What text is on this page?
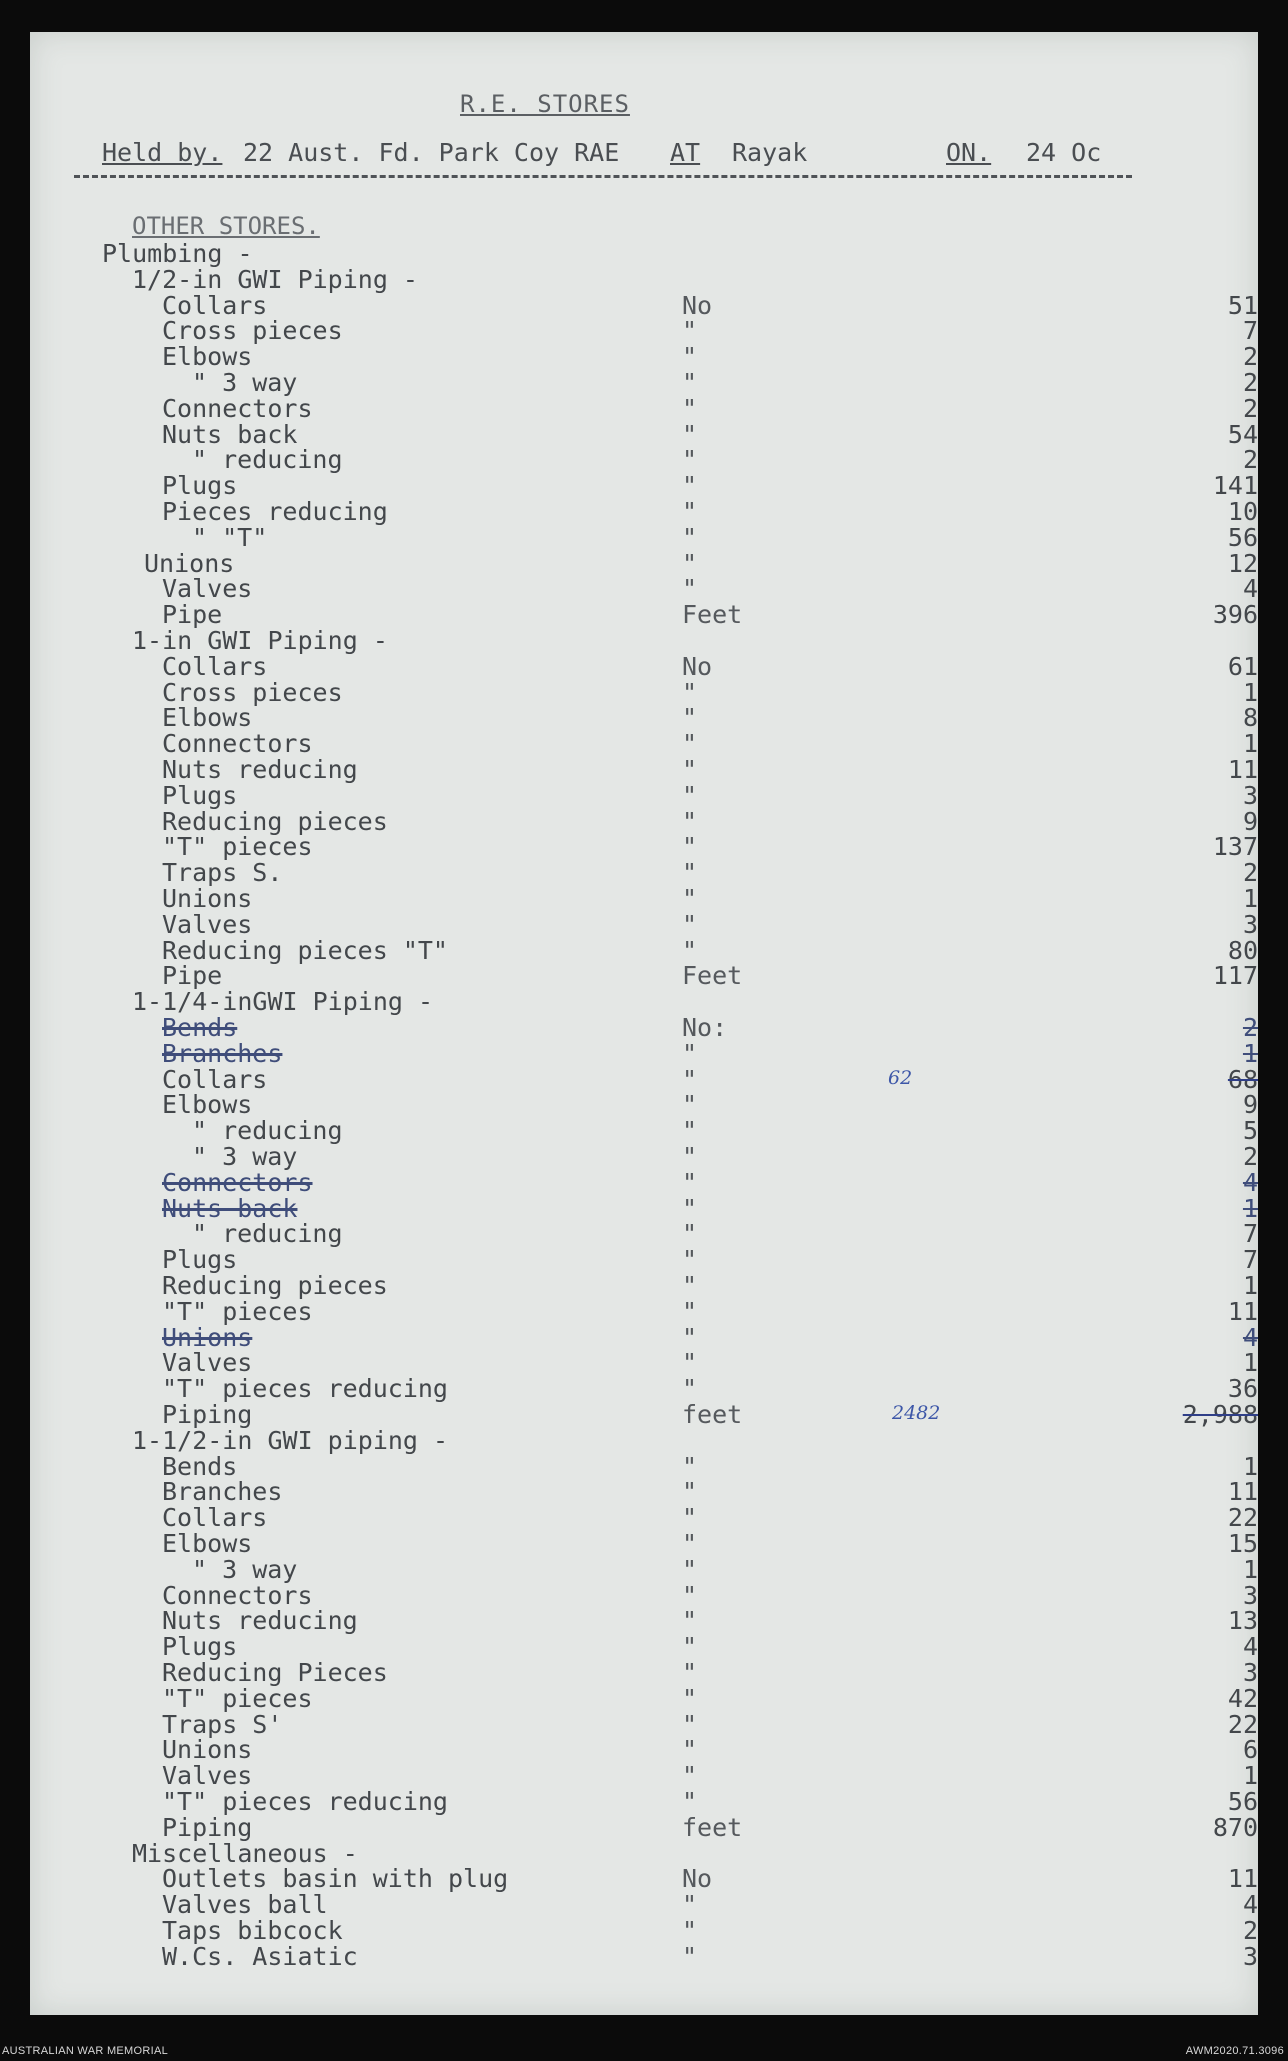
R.E. STORES
Held by. 22 Aust. Fd. Park Coy RAE AT Rayak	ON. 24 Oc
OTHER STORES.
Plumbing -
1/2-in GWI Piping -
Collars	No	51
Cross pieces	"	7
Elbows	"	2
" 3 way	"	2
Connectors	"	2
Nuts back	"	54
" reducing	"	2
Plugs	"	141
Pieces reducing	"	10
" "T"	"	56
Unions	"	12
Valves	"	4
Pipe	Feet	396
1-in GWI Piping -
Collars	No	61
Cross pieces	"	1
Elbows	"	8
Connectors	"	1
Nuts reducing	"	11
Plugs	"	3
Reducing pieces	"	9
"T" pieces	"	137
Traps S.	"	2
Unions	"	1
Valves	"	3
Reducing pieces "T"	"	80
Pipe	Feet	117
1-1/4-inGWI Piping -
Bends	No:	2
Branches	"	1
Collars	"	68
62
Elbows	"	9
" reducing	"	5
" 3 way	"	2
Connectors	"	4
Nuts back	"	1
" reducing	"	7
Plugs	"	7
Reducing pieces	"	1
"T" pieces	"	11
Unions	"	4
Valves	"	1
"T" pieces reducing	"	36
Piping	feet	2,988
2482
1-1/2-in GWI piping -
Bends	"	1
Branches	"	11
Collars	"	22
Elbows	"	15
" 3 way	"	1
Connectors	"	3
Nuts reducing	"	13
Plugs	"	4
Reducing Pieces	"	3
"T" pieces	"	42
Traps S'	"	22
Unions	"	6
Valves	"	1
"T" pieces reducing	"	56
Piping	feet	870
Miscellaneous -
Outlets basin with plug	No	11
Valves ball	"	4
Taps bibcock	"	2
W.Cs. Asiatic	"	3
AUSTRALIAN WAR MEMORIAL	AWM2020.71.3096
